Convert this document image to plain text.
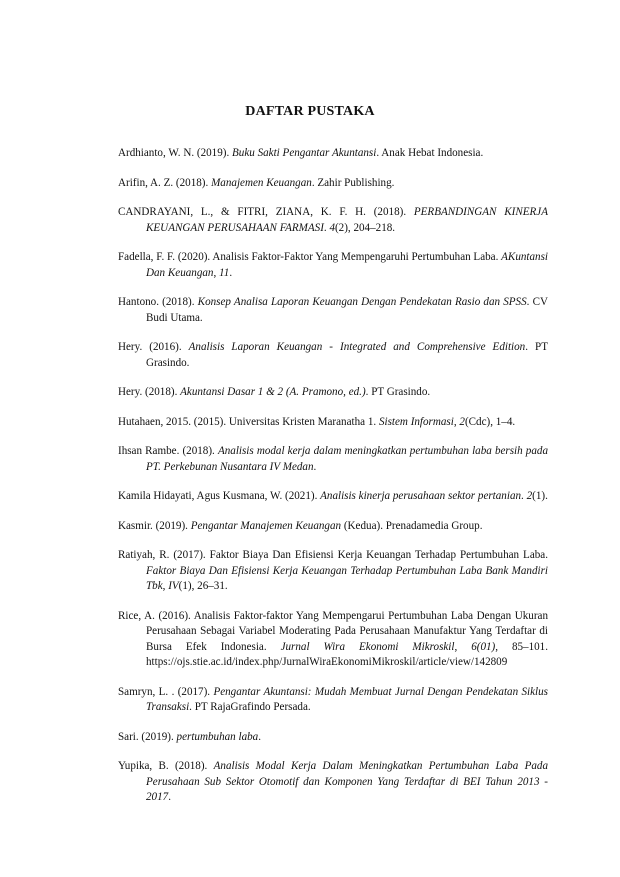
DAFTAR PUSTAKA

Ardhianto, W. N. (2019). Buku Sakti Pengantar Akuntansi. Anak Hebat Indonesia.

Arifin, A. Z. (2018). Manajemen Keuangan. Zahir Publishing.

CANDRAYANI, L., & FITRI, ZIANA, K. F. H. (2018). PERBANDINGAN KINERJA KEUANGAN PERUSAHAAN FARMASI. 4(2), 204–218.

Fadella, F. F. (2020). Analisis Faktor-Faktor Yang Mempengaruhi Pertumbuhan Laba. AKuntansi Dan Keuangan, 11.

Hantono. (2018). Konsep Analisa Laporan Keuangan Dengan Pendekatan Rasio dan SPSS. CV Budi Utama.

Hery. (2016). Analisis Laporan Keuangan - Integrated and Comprehensive Edition. PT Grasindo.

Hery. (2018). Akuntansi Dasar 1 & 2 (A. Pramono, ed.). PT Grasindo.

Hutahaen, 2015. (2015). Universitas Kristen Maranatha 1. Sistem Informasi, 2(Cdc), 1–4.

Ihsan Rambe. (2018). Analisis modal kerja dalam meningkatkan pertumbuhan laba bersih pada PT. Perkebunan Nusantara IV Medan.

Kamila Hidayati, Agus Kusmana, W. (2021). Analisis kinerja perusahaan sektor pertanian. 2(1).

Kasmir. (2019). Pengantar Manajemen Keuangan (Kedua). Prenadamedia Group.

Ratiyah, R. (2017). Faktor Biaya Dan Efisiensi Kerja Keuangan Terhadap Pertumbuhan Laba. Faktor Biaya Dan Efisiensi Kerja Keuangan Terhadap Pertumbuhan Laba Bank Mandiri Tbk, IV(1), 26–31.

Rice, A. (2016). Analisis Faktor-faktor Yang Mempengarui Pertumbuhan Laba Dengan Ukuran Perusahaan Sebagai Variabel Moderating Pada Perusahaan Manufaktur Yang Terdaftar di Bursa Efek Indonesia. Jurnal Wira Ekonomi Mikroskil, 6(01), 85–101. https://ojs.stie.ac.id/index.php/JurnalWiraEkonomiMikroskil/article/view/142809

Samryn, L. . (2017). Pengantar Akuntansi: Mudah Membuat Jurnal Dengan Pendekatan Siklus Transaksi. PT RajaGrafindo Persada.

Sari. (2019). pertumbuhan laba.

Yupika, B. (2018). Analisis Modal Kerja Dalam Meningkatkan Pertumbuhan Laba Pada Perusahaan Sub Sektor Otomotif dan Komponen Yang Terdaftar di BEI Tahun 2013 - 2017.
